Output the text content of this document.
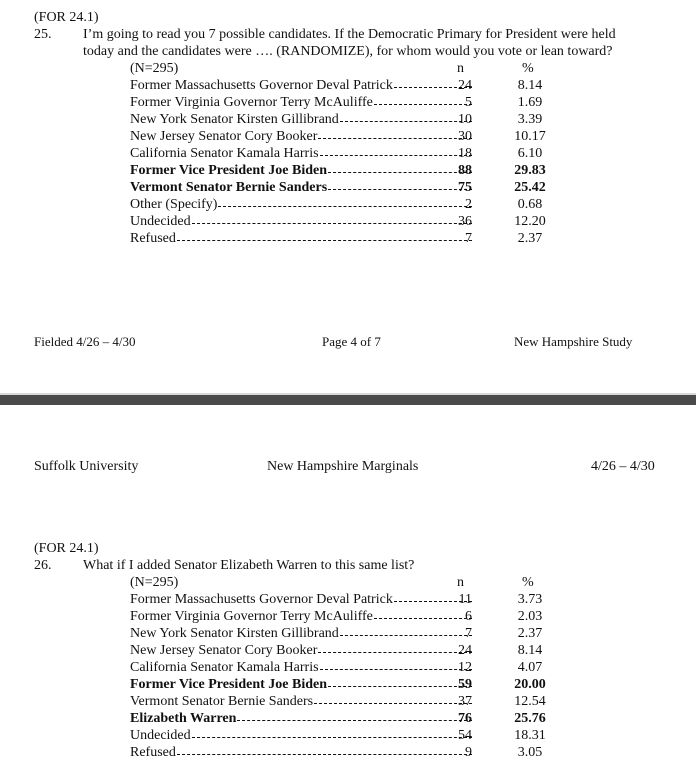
(FOR 24.1)
25. I’m going to read you 7 possible candidates. If the Democratic Primary for President were held
today and the candidates were …. (RANDOMIZE), for whom would you vote or lean toward?
(N=295)	n	%
Former Massachusetts Governor Deval Patrick	24	8.14
Former Virginia Governor Terry McAuliffe	5	1.69
New York Senator Kirsten Gillibrand	10	3.39
New Jersey Senator Cory Booker	30	10.17
California Senator Kamala Harris	18	6.10
Former Vice President Joe Biden	88	29.83
Vermont Senator Bernie Sanders	75	25.42
Other (Specify)	2	0.68
Undecided	36	12.20
Refused	7	2.37
Fielded 4/26 – 4/30	Page 4 of 7	New Hampshire Study
Suffolk University	New Hampshire Marginals	4/26 – 4/30
(FOR 24.1)
26. What if I added Senator Elizabeth Warren to this same list?
(N=295)	n	%
Former Massachusetts Governor Deval Patrick	11	3.73
Former Virginia Governor Terry McAuliffe	6	2.03
New York Senator Kirsten Gillibrand	7	2.37
New Jersey Senator Cory Booker	24	8.14
California Senator Kamala Harris	12	4.07
Former Vice President Joe Biden	59	20.00
Vermont Senator Bernie Sanders	37	12.54
Elizabeth Warren	76	25.76
Undecided	54	18.31
Refused	9	3.05
